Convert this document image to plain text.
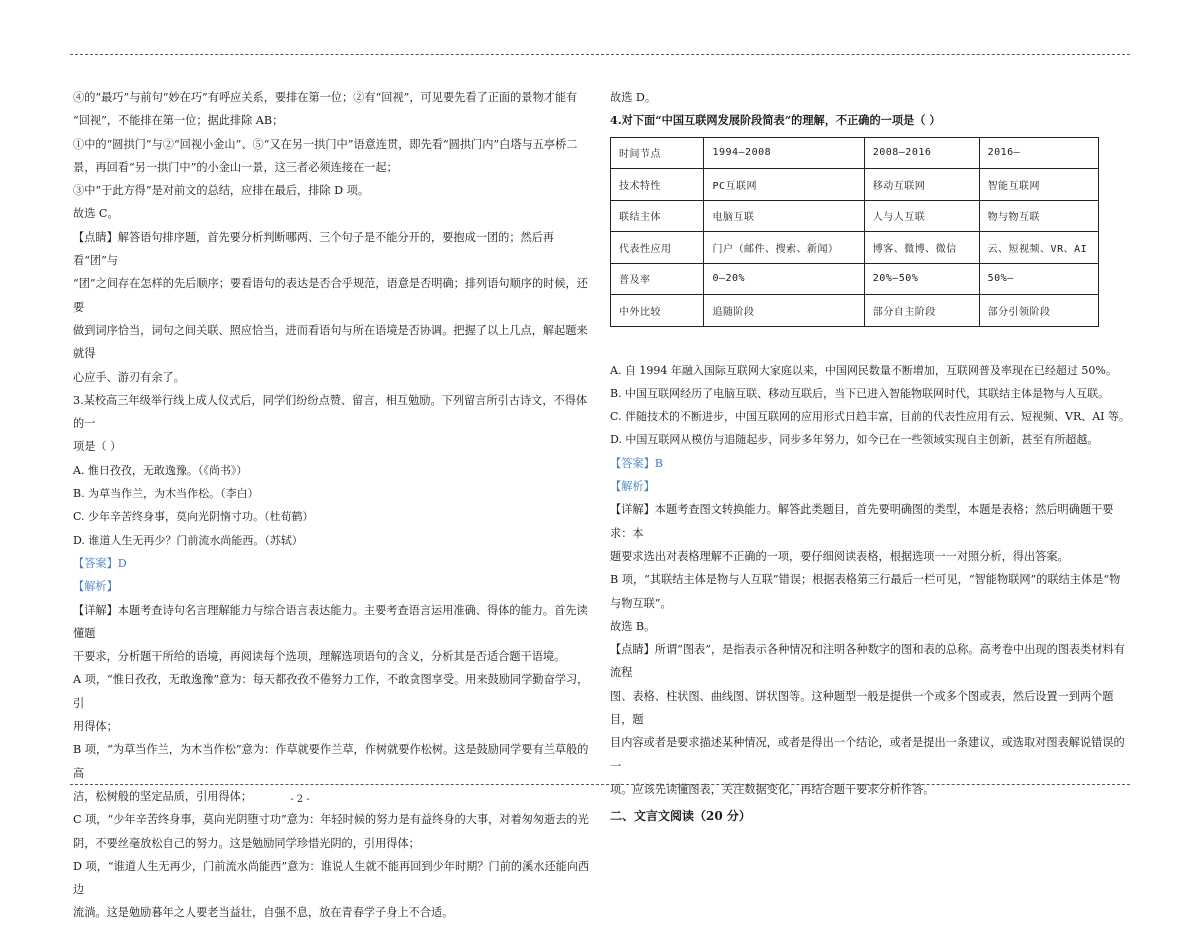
④的“最巧”与前句“妙在巧”有呼应关系，要排在第一位；②有“回视”，可见要先看了正面的景物才能有

“回视”，不能排在第一位；据此排除 AB；

①中的“圆拱门”与②“回视小金山”、⑤“又在另一拱门中”语意连贯，即先看“圆拱门内”白塔与五亭桥二

景，再回看“另一拱门中”的小金山一景，这三者必须连接在一起；

③中“于此方得”是对前文的总结，应排在最后，排除 D 项。

故选 C。

【点睛】解答语句排序题，首先要分析判断哪两、三个句子是不能分开的，要抱成一团的；然后再看“团”与

“团”之间存在怎样的先后顺序；要看语句的表达是否合乎规范，语意是否明确；排列语句顺序的时候，还要

做到词序恰当，词句之间关联、照应恰当，进而看语句与所在语境是否协调。把握了以上几点，解起题来就得

心应手、游刃有余了。

3.某校高三年级举行线上成人仪式后，同学们纷纷点赞、留言，相互勉励。下列留言所引古诗文，不得体的一

项是（ ）

A. 惟日孜孜，无敢逸豫。（《尚书》）

B. 为草当作兰，为木当作松。（李白）

C. 少年辛苦终身事，莫向光阴惰寸功。（杜荀鹤）

D. 谁道人生无再少？门前流水尚能西。（苏轼）

【答案】D

【解析】

【详解】本题考查诗句名言理解能力与综合语言表达能力。主要考查语言运用准确、得体的能力。首先读懂题

干要求，分析题干所给的语境，再阅读每个选项，理解选项语句的含义，分析其是否适合题干语境。

A 项，“惟日孜孜，无敢逸豫”意为：每天都孜孜不倦努力工作，不敢贪图享受。用来鼓励同学勤奋学习，引

用得体；

B 项，“为草当作兰，为木当作松”意为：作草就要作兰草，作树就要作松树。这是鼓励同学要有兰草般的高

洁，松树般的坚定品质，引用得体；

C 项，“少年辛苦终身事，莫向光阴堕寸功”意为：年轻时候的努力是有益终身的大事，对着匆匆逝去的光

阴，不要丝毫放松自己的努力。这是勉励同学珍惜光阴的，引用得体；

D 项，“谁道人生无再少，门前流水尚能西”意为：谁说人生就不能再回到少年时期？门前的溪水还能向西边

流淌。这是勉励暮年之人要老当益壮，自强不息，放在青春学子身上不合适。

故选 D。

4.对下面“中国互联网发展阶段简表”的理解，不正确的一项是（ ）

时间节点	1994—2008	2008—2016	2016—
技术特性	PC互联网	移动互联网	智能互联网
联结主体	电脑互联	人与人互联	物与物互联
代表性应用	门户（邮件、搜索、新闻）	博客、微博、微信	云、短视频、VR、AI
普及率	0—20%	20%—50%	50%—
中外比较	追随阶段	部分自主阶段	部分引领阶段

A. 自 1994 年融入国际互联网大家庭以来，中国网民数量不断增加，互联网普及率现在已经超过 50%。

B. 中国互联网经历了电脑互联、移动互联后，当下已进入智能物联网时代，其联结主体是物与人互联。

C. 伴随技术的不断进步，中国互联网的应用形式日趋丰富，目前的代表性应用有云、短视频、VR、AI 等。

D. 中国互联网从模仿与追随起步，同步多年努力，如今已在一些领域实现自主创新，甚至有所超越。

【答案】B

【解析】

【详解】本题考查图文转换能力。解答此类题目，首先要明确图的类型，本题是表格；然后明确题干要求：本

题要求选出对表格理解不正确的一项，要仔细阅读表格，根据选项一一对照分析，得出答案。

B 项，“其联结主体是物与人互联”错误；根据表格第三行最后一栏可见，“智能物联网”的联结主体是“物

与物互联”。

故选 B。

【点睛】所谓“图表”，是指表示各种情况和注明各种数字的图和表的总称。高考卷中出现的图表类材料有流程

图、表格、柱状图、曲线图、饼状图等。这种题型一般是提供一个或多个图或表，然后设置一到两个题目，题

目内容或者是要求描述某种情况，或者是得出一个结论，或者是提出一条建议，或选取对图表解说错误的一

项。应该先读懂图表，关注数据变化，再结合题干要求分析作答。

二、文言文阅读（20 分）
- 2 -
